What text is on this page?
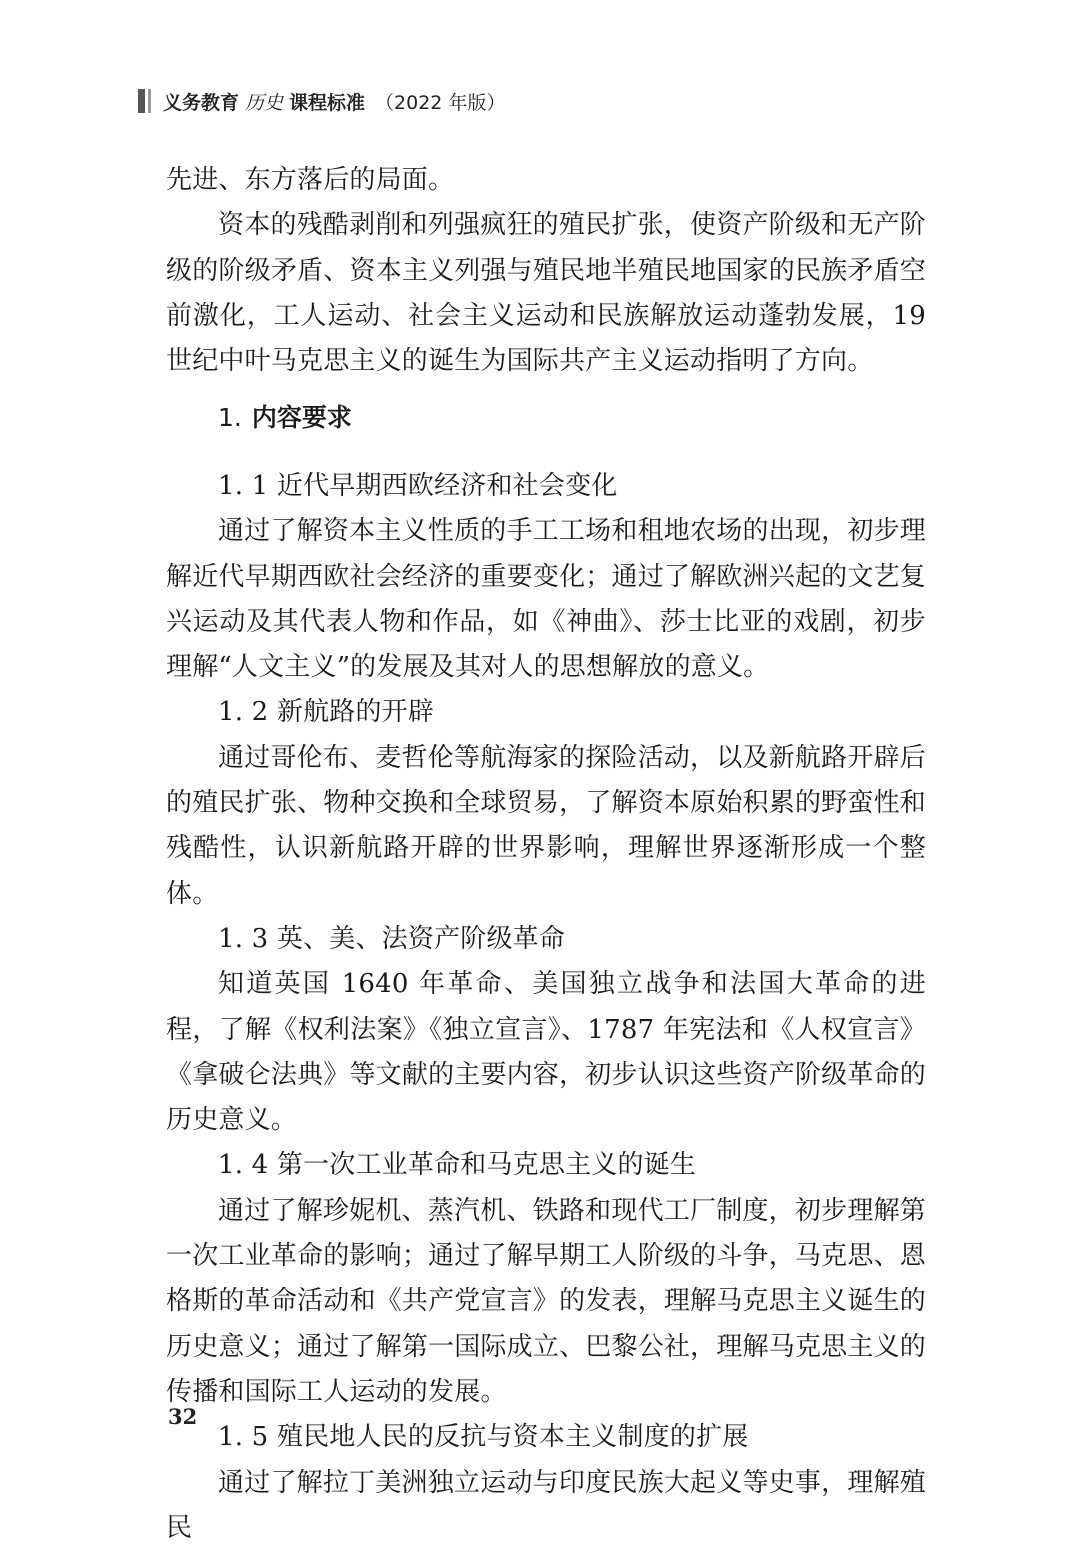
义务教育 历史 课程标准 （2022 年版）

先进、东方落后的局面。

资本的残酷剥削和列强疯狂的殖民扩张，使资产阶级和无产阶级的阶级矛盾、资本主义列强与殖民地半殖民地国家的民族矛盾空前激化，工人运动、社会主义运动和民族解放运动蓬勃发展，19 世纪中叶马克思主义的诞生为国际共产主义运动指明了方向。

1. 内容要求

1. 1 近代早期西欧经济和社会变化

通过了解资本主义性质的手工工场和租地农场的出现，初步理解近代早期西欧社会经济的重要变化；通过了解欧洲兴起的文艺复兴运动及其代表人物和作品，如《神曲》、莎士比亚的戏剧，初步理解“人文主义”的发展及其对人的思想解放的意义。

1. 2 新航路的开辟

通过哥伦布、麦哲伦等航海家的探险活动，以及新航路开辟后的殖民扩张、物种交换和全球贸易，了解资本原始积累的野蛮性和残酷性，认识新航路开辟的世界影响，理解世界逐渐形成一个整体。

1. 3 英、美、法资产阶级革命

知道英国 1640 年革命、美国独立战争和法国大革命的进程，了解《权利法案》《独立宣言》、1787 年宪法和《人权宣言》《拿破仑法典》等文献的主要内容，初步认识这些资产阶级革命的历史意义。

1. 4 第一次工业革命和马克思主义的诞生

通过了解珍妮机、蒸汽机、铁路和现代工厂制度，初步理解第一次工业革命的影响；通过了解早期工人阶级的斗争，马克思、恩格斯的革命活动和《共产党宣言》的发表，理解马克思主义诞生的历史意义；通过了解第一国际成立、巴黎公社，理解马克思主义的传播和国际工人运动的发展。

1. 5 殖民地人民的反抗与资本主义制度的扩展

通过了解拉丁美洲独立运动与印度民族大起义等史事，理解殖民

32
